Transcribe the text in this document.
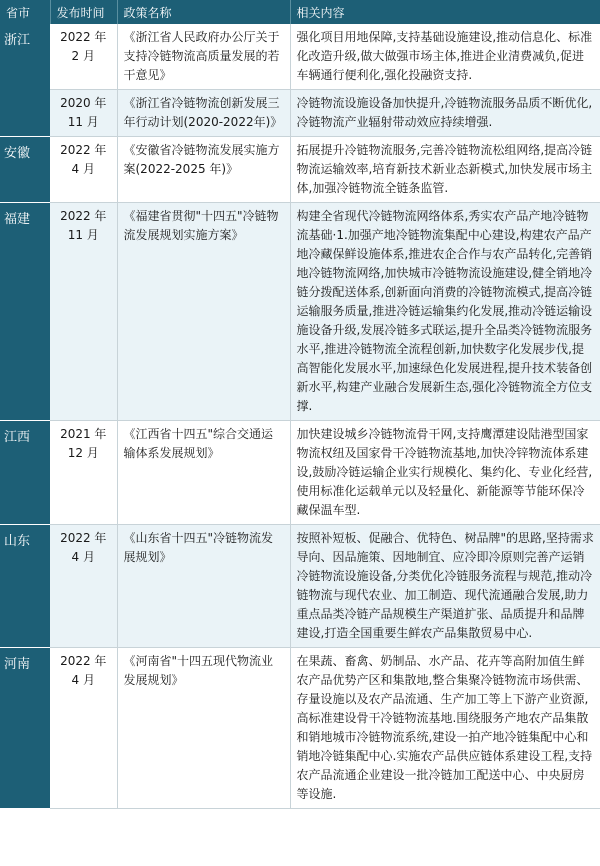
省市	发布时间	政策名称	相关内容
浙江	2022 年 2 月	《浙江省人民政府办公厅关于支持冷链物流高质量发展的若干意见》	强化项目用地保障,支持基础设施建设,推动信息化、标准化改造升级,做大做强市场主体,推进企业清费减负,促进车辆通行便利化,强化投融资支持.
	2020 年 11 月	《浙江省冷链物流创新发展三年行动计划(2020-2022年)》	冷链物流设施设备加快提升,冷链物流服务品质不断优化,冷链物流产业辐射带动效应持续增强.
安徽	2022 年 4 月	《安徽省冷链物流发展实施方案(2022-2025 年)》	拓展提升冷链物流服务,完善冷链物流松组网络,提高冷链物流运输效率,培育新技术新业态新模式,加快发展市场主体,加强冷链物流全链条监管.
福建	2022 年 11 月	《福建省贯彻"十四五"冷链物流发展规划实施方案》	构建全省现代冷链物流网络体系,秀实农产品产地冷链物流基础·1.加强产地冷链物流集配中心建设,构建农产品产地冷藏保鲜设施体系,推进农企合作与农产品转化,完善销地冷链物流网络,加快城市冷链物流设施建设,健全销地冷链分拨配送体系,创新面向消费的冷链物流模式,提高冷链运输服务质量,推进冷链运输集约化发展,推动冷链运输设施设备升级,发展冷链多式联运,提升全品类冷链物流服务水平,推进冷链物流全流程创新,加快数字化发展步伐,提高智能化发展水平,加速绿色化发展进程,提升技术装备创新水平,构建产业融合发展新生态,强化冷链物流全方位支撑.
江西	2021 年 12 月	《江西省十四五"综合交通运输体系发展规划》	加快建设城乡冷链物流骨干网,支持鹰潭建设陆港型国家物流权纽及国家骨干冷链物流基地,加快冷锌物流体系建设,鼓励冷链运输企业实行规模化、集约化、专业化经营,使用标准化运载单元以及轻量化、新能源等节能环保冷藏保温车型.
山东	2022 年 4 月	《山东省十四五"冷链物流发展规划》	按照补短板、促融合、优特色、树品牌"的思路,坚持需求导向、因品施策、因地制宜、应冷即冷原则完善产运销冷链物流设施设备,分类优化冷链服务流程与规范,推动冷链物流与现代农业、加工制造、现代流通融合发展,助力重点品类冷链产品规模生产渠道扩张、品质提升和品牌建设,打造全国重要生鲜农产品集散贸易中心.
河南	2022 年 4 月	《河南省"十四五现代物流业发展规划》	在果蔬、畜禽、奶制品、水产品、花卉等高附加值生鲜农产品优势产区和集散地,整合集聚冷链物流市场供需、存量设施以及农产品流通、生产加工等上下游产业资源,高标准建设骨干冷链物流基地.围绕服务产地农产品集散和销地城市冷链物流系统,建设一拍产地冷链集配中心和销地冷链集配中心.实施农产品供应链体系建设工程,支持农产品流通企业建设一批冷链加工配送中心、中央厨房等设施.
